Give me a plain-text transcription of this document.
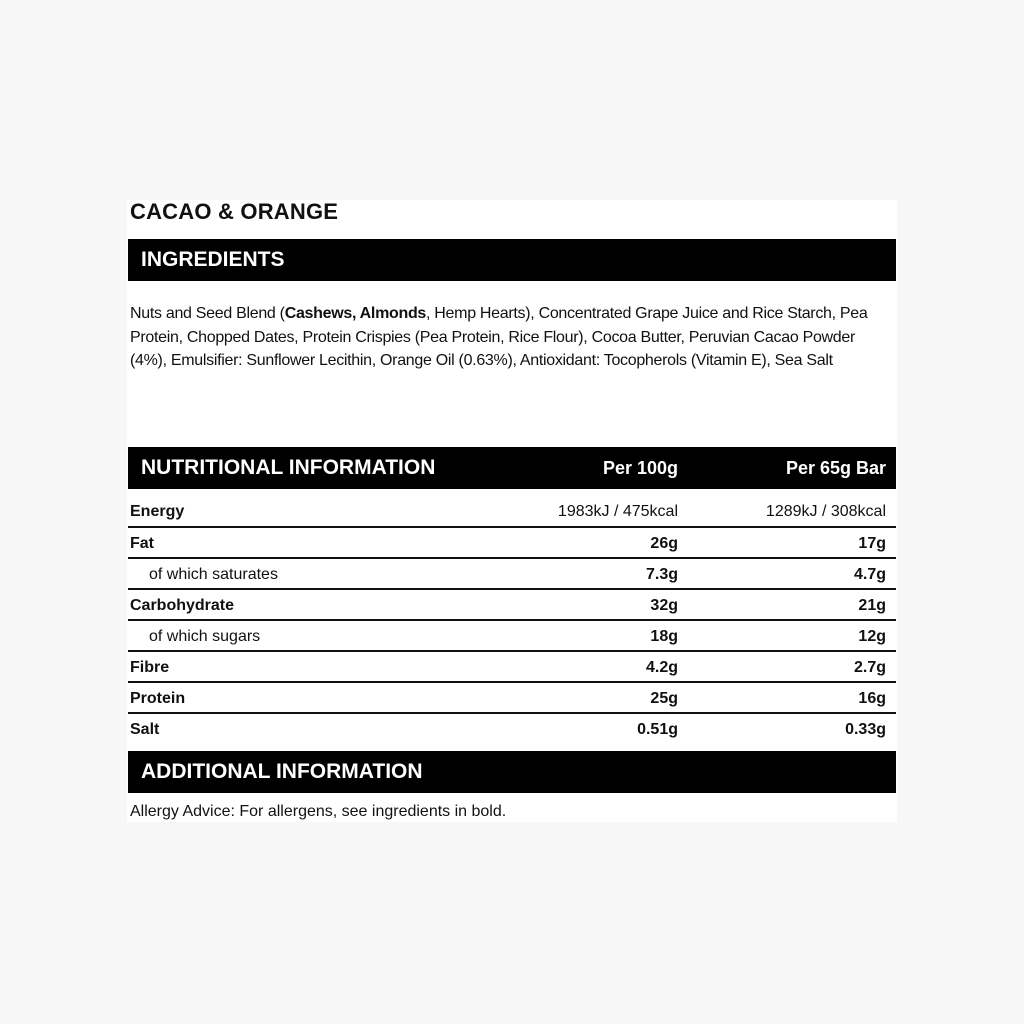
CACAO & ORANGE
INGREDIENTS

Nuts and Seed Blend (Cashews, Almonds, Hemp Hearts), Concentrated Grape Juice and Rice Starch, Pea Protein, Chopped Dates, Protein Crispies (Pea Protein, Rice Flour), Cocoa Butter, Peruvian Cacao Powder (4%), Emulsifier: Sunflower Lecithin, Orange Oil (0.63%), Antioxidant: Tocopherols (Vitamin E), Sea Salt

NUTRITIONAL INFORMATION	Per 100g	Per 65g Bar
Energy	1983kJ / 475kcal	1289kJ / 308kcal
Fat	26g	17g
of which saturates	7.3g	4.7g
Carbohydrate	32g	21g
of which sugars	18g	12g
Fibre	4.2g	2.7g
Protein	25g	16g
Salt	0.51g	0.33g
ADDITIONAL INFORMATION

Allergy Advice: For allergens, see ingredients in bold.
